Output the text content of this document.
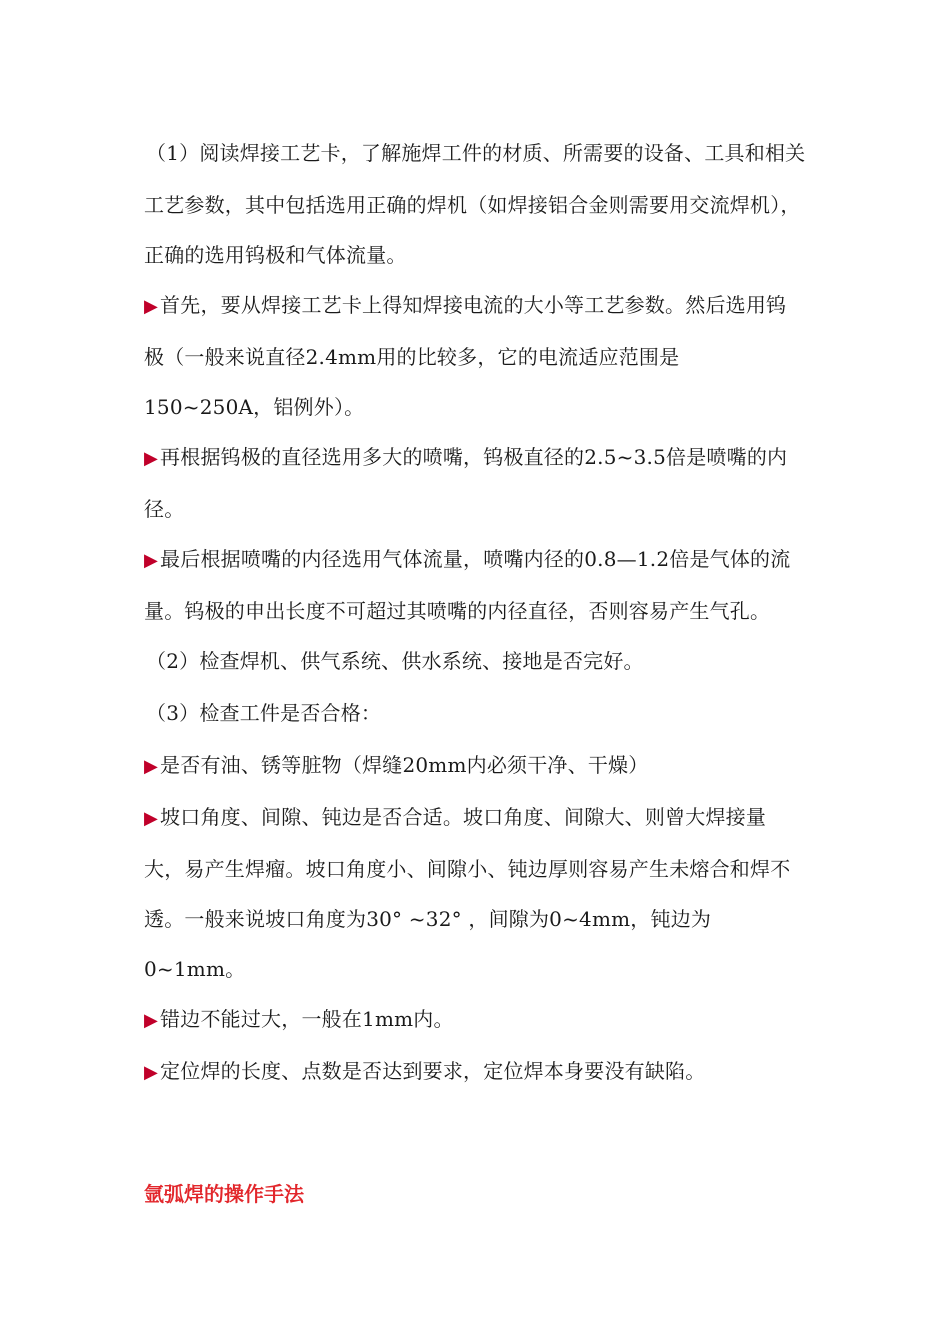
（1）阅读焊接工艺卡，了解施焊工件的材质、所需要的设备、工具和相关工艺参数，其中包括选用正确的焊机（如焊接铝合金则需要用交流焊机），正确的选用钨极和气体流量。

▶ 首先，要从焊接工艺卡上得知焊接电流的大小等工艺参数。然后选用钨极（一般来说直径2.4mm用的比较多，它的电流适应范围是150~250A，铝例外）。

▶ 再根据钨极的直径选用多大的喷嘴，钨极直径的2.5~3.5倍是喷嘴的内径。

▶ 最后根据喷嘴的内径选用气体流量，喷嘴内径的0.8—1.2倍是气体的流量。钨极的申出长度不可超过其喷嘴的内径直径，否则容易产生气孔。

（2）检查焊机、供气系统、供水系统、接地是否完好。

（3）检查工件是否合格：

▶ 是否有油、锈等脏物（焊缝20mm内必须干净、干燥）

▶ 坡口角度、间隙、钝边是否合适。坡口角度、间隙大、则曾大焊接量大，易产生焊瘤。坡口角度小、间隙小、钝边厚则容易产生未熔合和焊不透。一般来说坡口角度为30° ~32° ，间隙为0~4mm，钝边为0~1mm。

▶ 错边不能过大，一般在1mm内。

▶ 定位焊的长度、点数是否达到要求，定位焊本身要没有缺陷。

氩弧焊的操作手法
